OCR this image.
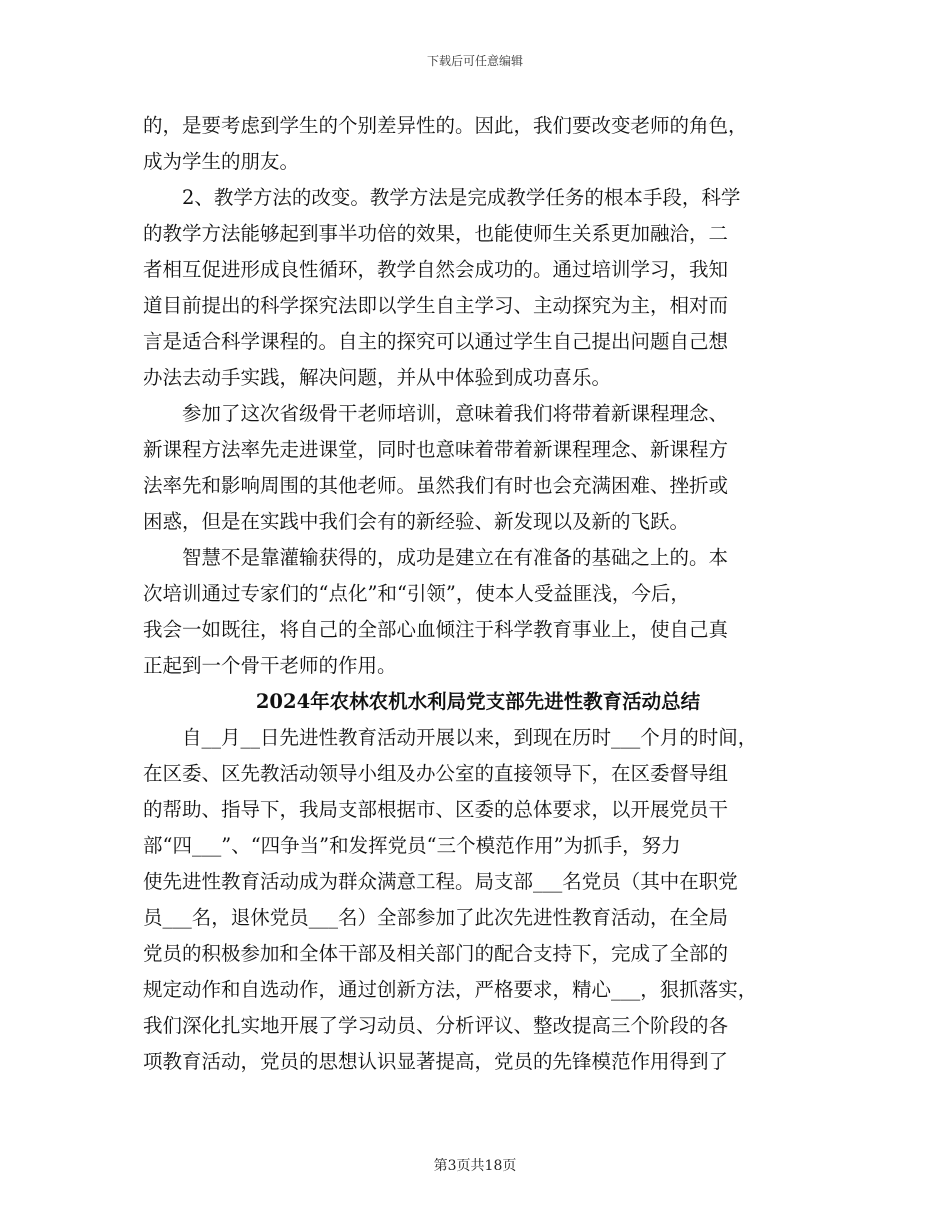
下载后可任意编辑
的，是要考虑到学生的个别差异性的。因此，我们要改变老师的角色，
成为学生的朋友。
　　2、教学方法的改变。教学方法是完成教学任务的根本手段，科学
的教学方法能够起到事半功倍的效果，也能使师生关系更加融洽，二
者相互促进形成良性循环，教学自然会成功的。通过培训学习，我知
道目前提出的科学探究法即以学生自主学习、主动探究为主，相对而
言是适合科学课程的。自主的探究可以通过学生自己提出问题自己想
办法去动手实践，解决问题，并从中体验到成功喜乐。
　　参加了这次省级骨干老师培训，意味着我们将带着新课程理念、
新课程方法率先走进课堂，同时也意味着带着新课程理念、新课程方
法率先和影响周围的其他老师。虽然我们有时也会充满困难、挫折或
困惑，但是在实践中我们会有的新经验、新发现以及新的飞跃。
　　智慧不是靠灌输获得的，成功是建立在有准备的基础之上的。本
次培训通过专家们的“点化”和“引领”，使本人受益匪浅，今后，
我会一如既往，将自己的全部心血倾注于科学教育事业上，使自己真
正起到一个骨干老师的作用。
2024年农林农机水利局党支部先进性教育活动总结
　　自__月__日先进性教育活动开展以来，到现在历时___个月的时间，
在区委、区先教活动领导小组及办公室的直接领导下，在区委督导组
的帮助、指导下，我局支部根据市、区委的总体要求，以开展党员干
部“四___”、“四争当”和发挥党员“三个模范作用”为抓手，努力
使先进性教育活动成为群众满意工程。局支部___名党员（其中在职党
员___名，退休党员___名）全部参加了此次先进性教育活动，在全局
党员的积极参加和全体干部及相关部门的配合支持下，完成了全部的
规定动作和自选动作，通过创新方法，严格要求，精心___，狠抓落实，
我们深化扎实地开展了学习动员、分析评议、整改提高三个阶段的各
项教育活动，党员的思想认识显著提高，党员的先锋模范作用得到了
第3页共18页
